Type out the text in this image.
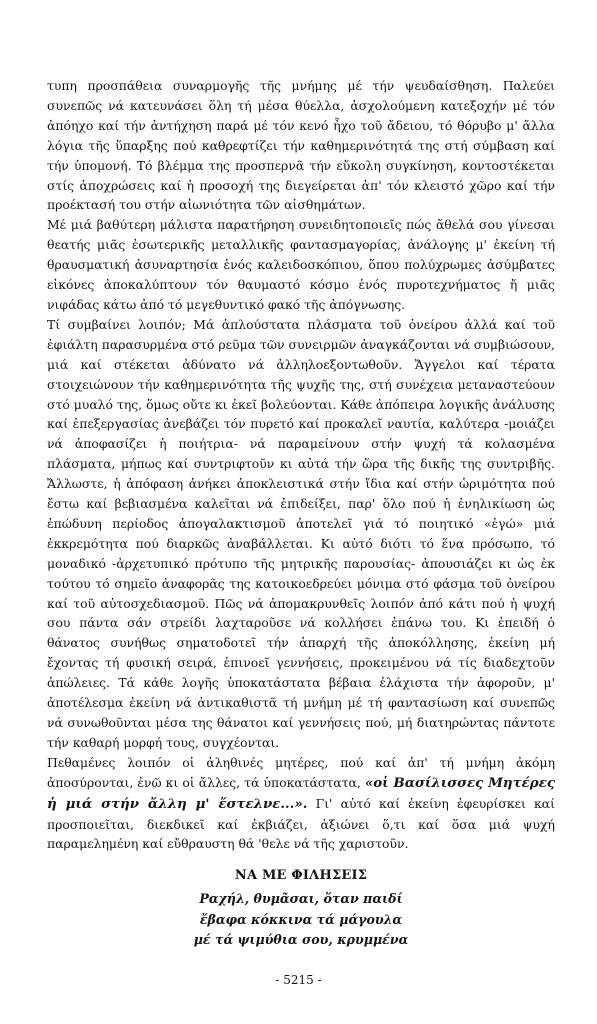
τυπη προσπάθεια συναρμογῆς τῆς μνήμης μέ τήν ψευδαίσθηση. Παλεύει συνεπῶς νά κατευνάσει ὅλη τή μέσα θύελλα, ἀσχολούμενη κατεξοχήν μέ τόν ἀπόηχο καί τήν ἀντήχηση παρά μέ τόν κενό ἦχο τοῦ ἄδειου, τό θόρυβο μ' ἄλλα λόγια τῆς ὕπαρξης πού καθρεφτίζει τήν καθημερινότητά της στή σύμβαση καί τήν ὑπομονή. Τό βλέμμα της προσπερνᾶ τήν εὔκολη συγκίνηση, κοντοστέκεται στίς ἀποχρώσεις καί ἡ προσοχή της διεγείρεται ἀπ' τόν κλειστό χῶρο καί τήν προέκτασή του στήν αἰωνιότητα τῶν αἰσθημάτων.

Μέ μιά βαθύτερη μάλιστα παρατήρηση συνειδητοποιεῖς πώς ἄθελά σου γίνεσαι θεατής μιᾶς ἐσωτερικῆς μεταλλικῆς φαντασμαγορίας, ἀνάλογης μ' ἐκείνη τή θραυσματική ἀσυναρτησία ἑνός καλειδοσκόπιου, ὅπου πολύχρωμες ἀσύμβατες εἰκόνες ἀποκαλύπτουν τόν θαυμαστό κόσμο ἑνός πυροτεχνήματος ἤ μιᾶς νιφάδας κάτω ἀπό τό μεγεθυντικό φακό τῆς ἀπόγνωσης.

Τί συμβαίνει λοιπόν; Μά ἁπλούστατα πλάσματα τοῦ ὀνείρου ἀλλά καί τοῦ ἐφιάλτη παρασυρμένα στό ρεῦμα τῶν συνειρμῶν ἀναγκάζονται νά συμβιώσουν, μιά καί στέκεται ἀδύνατο νά ἀλληλοεξοντωθοῦν. Ἄγγελοι καί τέρατα στοιχειώνουν τήν καθημερινότητα τῆς ψυχῆς της, στή συνέχεια μεταναστεύουν στό μυαλό της, ὅμως οὔτε κι ἐκεῖ βολεύονται. Κάθε ἀπόπειρα λογικῆς ἀνάλυσης καί ἐπεξεργασίας ἀνεβάζει τόν πυρετό καί προκαλεῖ ναυτία, καλύτερα -μοιάζει νά ἀποφασίζει ἡ ποιήτρια- νά παραμείνουν στήν ψυχή τά κολασμένα πλάσματα, μήπως καί συντριφτοῦν κι αὐτά τήν ὥρα τῆς δικῆς της συντριβῆς. Ἄλλωστε, ἡ ἀπόφαση ἀνήκει ἀποκλειστικά στήν ἴδια καί στήν ὡριμότητα πού ἔστω καί βεβιασμένα καλεῖται νά ἐπιδείξει, παρ' ὅλο πού ἡ ἐνηλικίωση ὡς ἐπώδυνη περίοδος ἀπογαλακτισμοῦ ἀποτελεῖ γιά τό ποιητικό «ἐγώ» μιά ἐκκρεμότητα πού διαρκῶς ἀναβάλλεται. Κι αὐτό διότι τό ἕνα πρόσωπο, τό μοναδικό -ἀρχετυπικό πρότυπο τῆς μητρικῆς παρουσίας- ἀπουσιάζει κι ὡς ἐκ τούτου τό σημεῖο ἀναφορᾶς της κατοικοεδρεύει μόνιμα στό φάσμα τοῦ ὀνείρου καί τοῦ αὐτοσχεδιασμοῦ. Πῶς νά ἀπομακρυνθεῖς λοιπόν ἀπό κάτι πού ἡ ψυχή σου πάντα σάν στρείδι λαχταροῦσε νά κολλήσει ἐπάνω του. Κι ἐπειδή ὁ θάνατος συνήθως σηματοδοτεῖ τήν ἀπαρχή τῆς ἀποκόλλησης, ἐκείνη μή ἔχοντας τή φυσική σειρά, ἐπινοεῖ γεννήσεις, προκειμένου νά τίς διαδεχτοῦν ἀπώλειες. Τά κάθε λογῆς ὑποκατάστατα βέβαια ἐλάχιστα τήν ἀφοροῦν, μ' ἀποτέλεσμα ἐκείνη νά ἀντικαθιστᾶ τή μνήμη μέ τή φαντασίωση καί συνεπῶς νά συνωθοῦνται μέσα της θάνατοι καί γεννήσεις πού, μή διατηρώντας πάντοτε τήν καθαρή μορφή τους, συγχέονται.

Πεθαμένες λοιπόν οἱ ἀληθινές μητέρες, πού καί ἀπ' τή μνήμη ἀκόμη ἀποσύρονται, ἐνῶ κι οἱ ἄλλες, τά ὑποκατάστατα, «οἱ Βασίλισσες Μητέρες ἡ μιά στήν ἄλλη μ' ἔστελνε...». Γι' αὐτό καί ἐκείνη ἐφευρίσκει καί προσποιεῖται, διεκδικεῖ καί ἐκβιάζει, ἀξιώνει ὅ,τι καί ὅσα μιά ψυχή παραμελημένη καί εὔθραυστη θά 'θελε νά τῆς χαριστοῦν.

ΝΑ ΜΕ ΦΙΛΗΣΕΙΣ
Ραχήλ, θυμᾶσαι, ὅταν παιδί
ἔβαφα κόκκινα τά μάγουλα
μέ τά ψιμύθια σου, κρυμμένα
- 5215 -
